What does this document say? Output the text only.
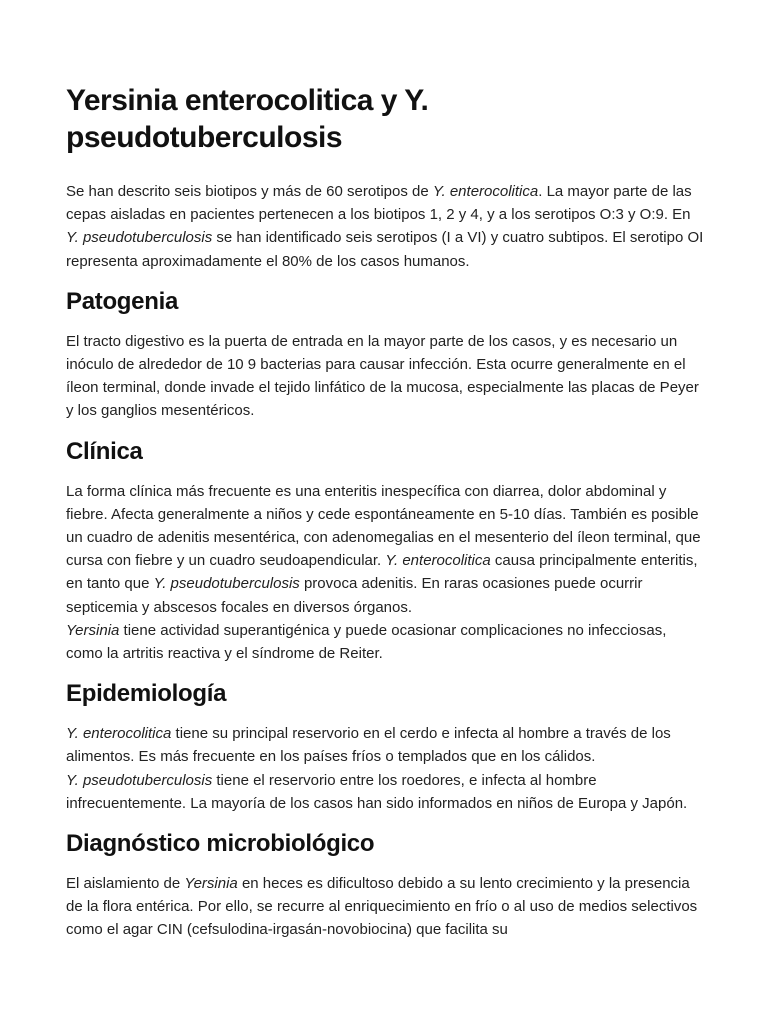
Yersinia enterocolitica y Y. pseudotuberculosis

Se han descrito seis biotipos y más de 60 serotipos de Y. enterocolitica. La mayor parte de las cepas aisladas en pacientes pertenecen a los biotipos 1, 2 y 4, y a los serotipos O:3 y O:9. En Y. pseudotuberculosis se han identificado seis serotipos (I a VI) y cuatro subtipos. El serotipo OI representa aproximadamente el 80% de los casos humanos.

Patogenia

El tracto digestivo es la puerta de entrada en la mayor parte de los casos, y es necesario un inóculo de alrededor de 10 9 bacterias para causar infección. Esta ocurre generalmente en el íleon terminal, donde invade el tejido linfático de la mucosa, especialmente las placas de Peyer y los ganglios mesentéricos.

Clínica

La forma clínica más frecuente es una enteritis inespecífica con diarrea, dolor abdominal y fiebre. Afecta generalmente a niños y cede espontáneamente en 5-10 días. También es posible un cuadro de adenitis mesentérica, con adenomegalias en el mesenterio del íleon terminal, que cursa con fiebre y un cuadro seudoapendicular. Y. enterocolitica causa principalmente enteritis, en tanto que Y. pseudotuberculosis provoca adenitis. En raras ocasiones puede ocurrir septicemia y abscesos focales en diversos órganos.
Yersinia tiene actividad superantigénica y puede ocasionar complicaciones no infecciosas, como la artritis reactiva y el síndrome de Reiter.

Epidemiología

Y. enterocolitica tiene su principal reservorio en el cerdo e infecta al hombre a través de los alimentos. Es más frecuente en los países fríos o templados que en los cálidos.
Y. pseudotuberculosis tiene el reservorio entre los roedores, e infecta al hombre infrecuentemente. La mayoría de los casos han sido informados en niños de Europa y Japón.

Diagnóstico microbiológico

El aislamiento de Yersinia en heces es dificultoso debido a su lento crecimiento y la presencia de la flora entérica. Por ello, se recurre al enriquecimiento en frío o al uso de medios selectivos como el agar CIN (cefsulodina-irgasán-novobiocina) que facilita su
